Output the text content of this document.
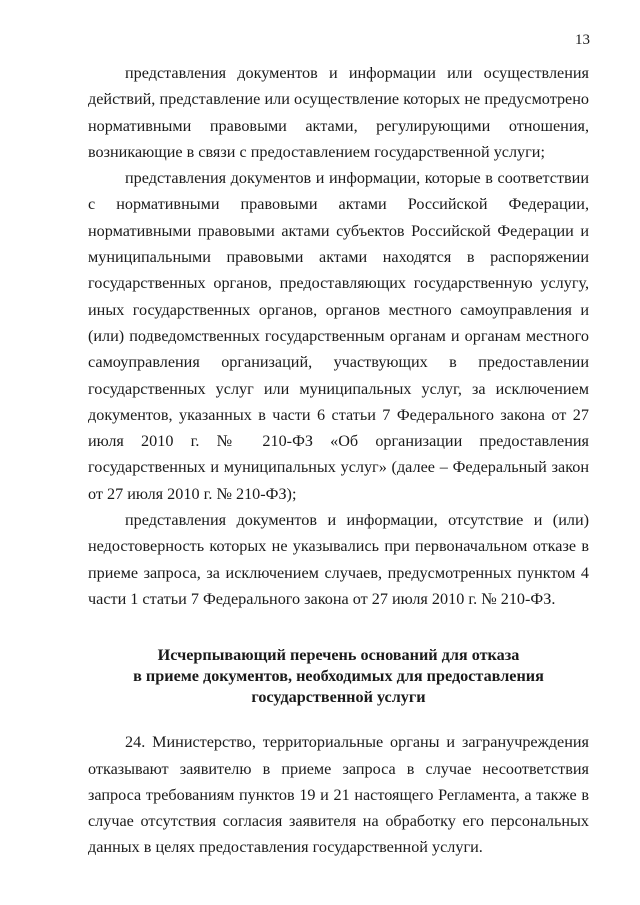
13

представления документов и информации или осуществления действий, представление или осуществление которых не предусмотрено нормативными правовыми актами, регулирующими отношения, возникающие в связи с предоставлением государственной услуги;

представления документов и информации, которые в соответствии с нормативными правовыми актами Российской Федерации, нормативными правовыми актами субъектов Российской Федерации и муниципальными правовыми актами находятся в распоряжении государственных органов, предоставляющих государственную услугу, иных государственных органов, органов местного самоуправления и (или) подведомственных государственным органам и органам местного самоуправления организаций, участвующих в предоставлении государственных услуг или муниципальных услуг, за исключением документов, указанных в части 6 статьи 7 Федерального закона от 27 июля 2010 г. № 210-ФЗ «Об организации предоставления государственных и муниципальных услуг» (далее – Федеральный закон от 27 июля 2010 г. № 210-ФЗ);

представления документов и информации, отсутствие и (или) недостоверность которых не указывались при первоначальном отказе в приеме запроса, за исключением случаев, предусмотренных пунктом 4 части 1 статьи 7 Федерального закона от 27 июля 2010 г. № 210-ФЗ.

Исчерпывающий перечень оснований для отказа
в приеме документов, необходимых для предоставления
государственной услуги

24. Министерство, территориальные органы и загранучреждения отказывают заявителю в приеме запроса в случае несоответствия запроса требованиям пунктов 19 и 21 настоящего Регламента, а также в случае отсутствия согласия заявителя на обработку его персональных данных в целях предоставления государственной услуги.
